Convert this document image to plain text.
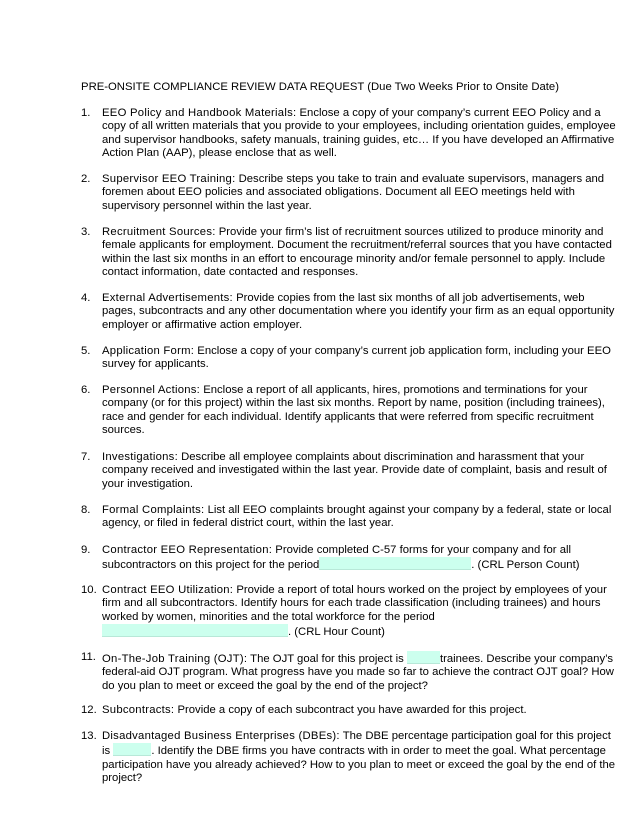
PRE-ONSITE COMPLIANCE REVIEW DATA REQUEST (Due Two Weeks Prior to Onsite Date)
1. EEO Policy and Handbook Materials: Enclose a copy of your company’s current EEO Policy and a copy of all written materials that you provide to your employees, including orientation guides, employee and supervisor handbooks, safety manuals, training guides, etc… If you have developed an Affirmative Action Plan (AAP), please enclose that as well.
2. Supervisor EEO Training: Describe steps you take to train and evaluate supervisors, managers and foremen about EEO policies and associated obligations. Document all EEO meetings held with supervisory personnel within the last year.
3. Recruitment Sources: Provide your firm’s list of recruitment sources utilized to produce minority and female applicants for employment. Document the recruitment/referral sources that you have contacted within the last six months in an effort to encourage minority and/or female personnel to apply. Include contact information, date contacted and responses.
4. External Advertisements: Provide copies from the last six months of all job advertisements, web pages, subcontracts and any other documentation where you identify your firm as an equal opportunity employer or affirmative action employer.
5. Application Form: Enclose a copy of your company’s current job application form, including your EEO survey for applicants.
6. Personnel Actions: Enclose a report of all applicants, hires, promotions and terminations for your company (or for this project) within the last six months. Report by name, position (including trainees), race and gender for each individual. Identify applicants that were referred from specific recruitment sources.
7. Investigations: Describe all employee complaints about discrimination and harassment that your company received and investigated within the last year. Provide date of complaint, basis and result of your investigation.
8. Formal Complaints: List all EEO complaints brought against your company by a federal, state or local agency, or filed in federal district court, within the last year.
9. Contractor EEO Representation: Provide completed C-57 forms for your company and for all subcontractors on this project for the period	. (CRL Person Count)
10. Contract EEO Utilization: Provide a report of total hours worked on the project by employees of your firm and all subcontractors. Identify hours for each trade classification (including trainees) and hours worked by women, minorities and the total workforce for the period. (CRL Hour Count)
11. On-The-Job Training (OJT): The OJT goal for this project is	trainees. Describe your company’s federal-aid OJT program. What progress have you made so far to achieve the contract OJT goal? How do you plan to meet or exceed the goal by the end of the project?
12. Subcontracts: Provide a copy of each subcontract you have awarded for this project.
13. Disadvantaged Business Enterprises (DBEs): The DBE percentage participation goal for this project is	. Identify the DBE firms you have contracts with in order to meet the goal. What percentage participation have you already achieved? How to you plan to meet or exceed the goal by the end of the project?
